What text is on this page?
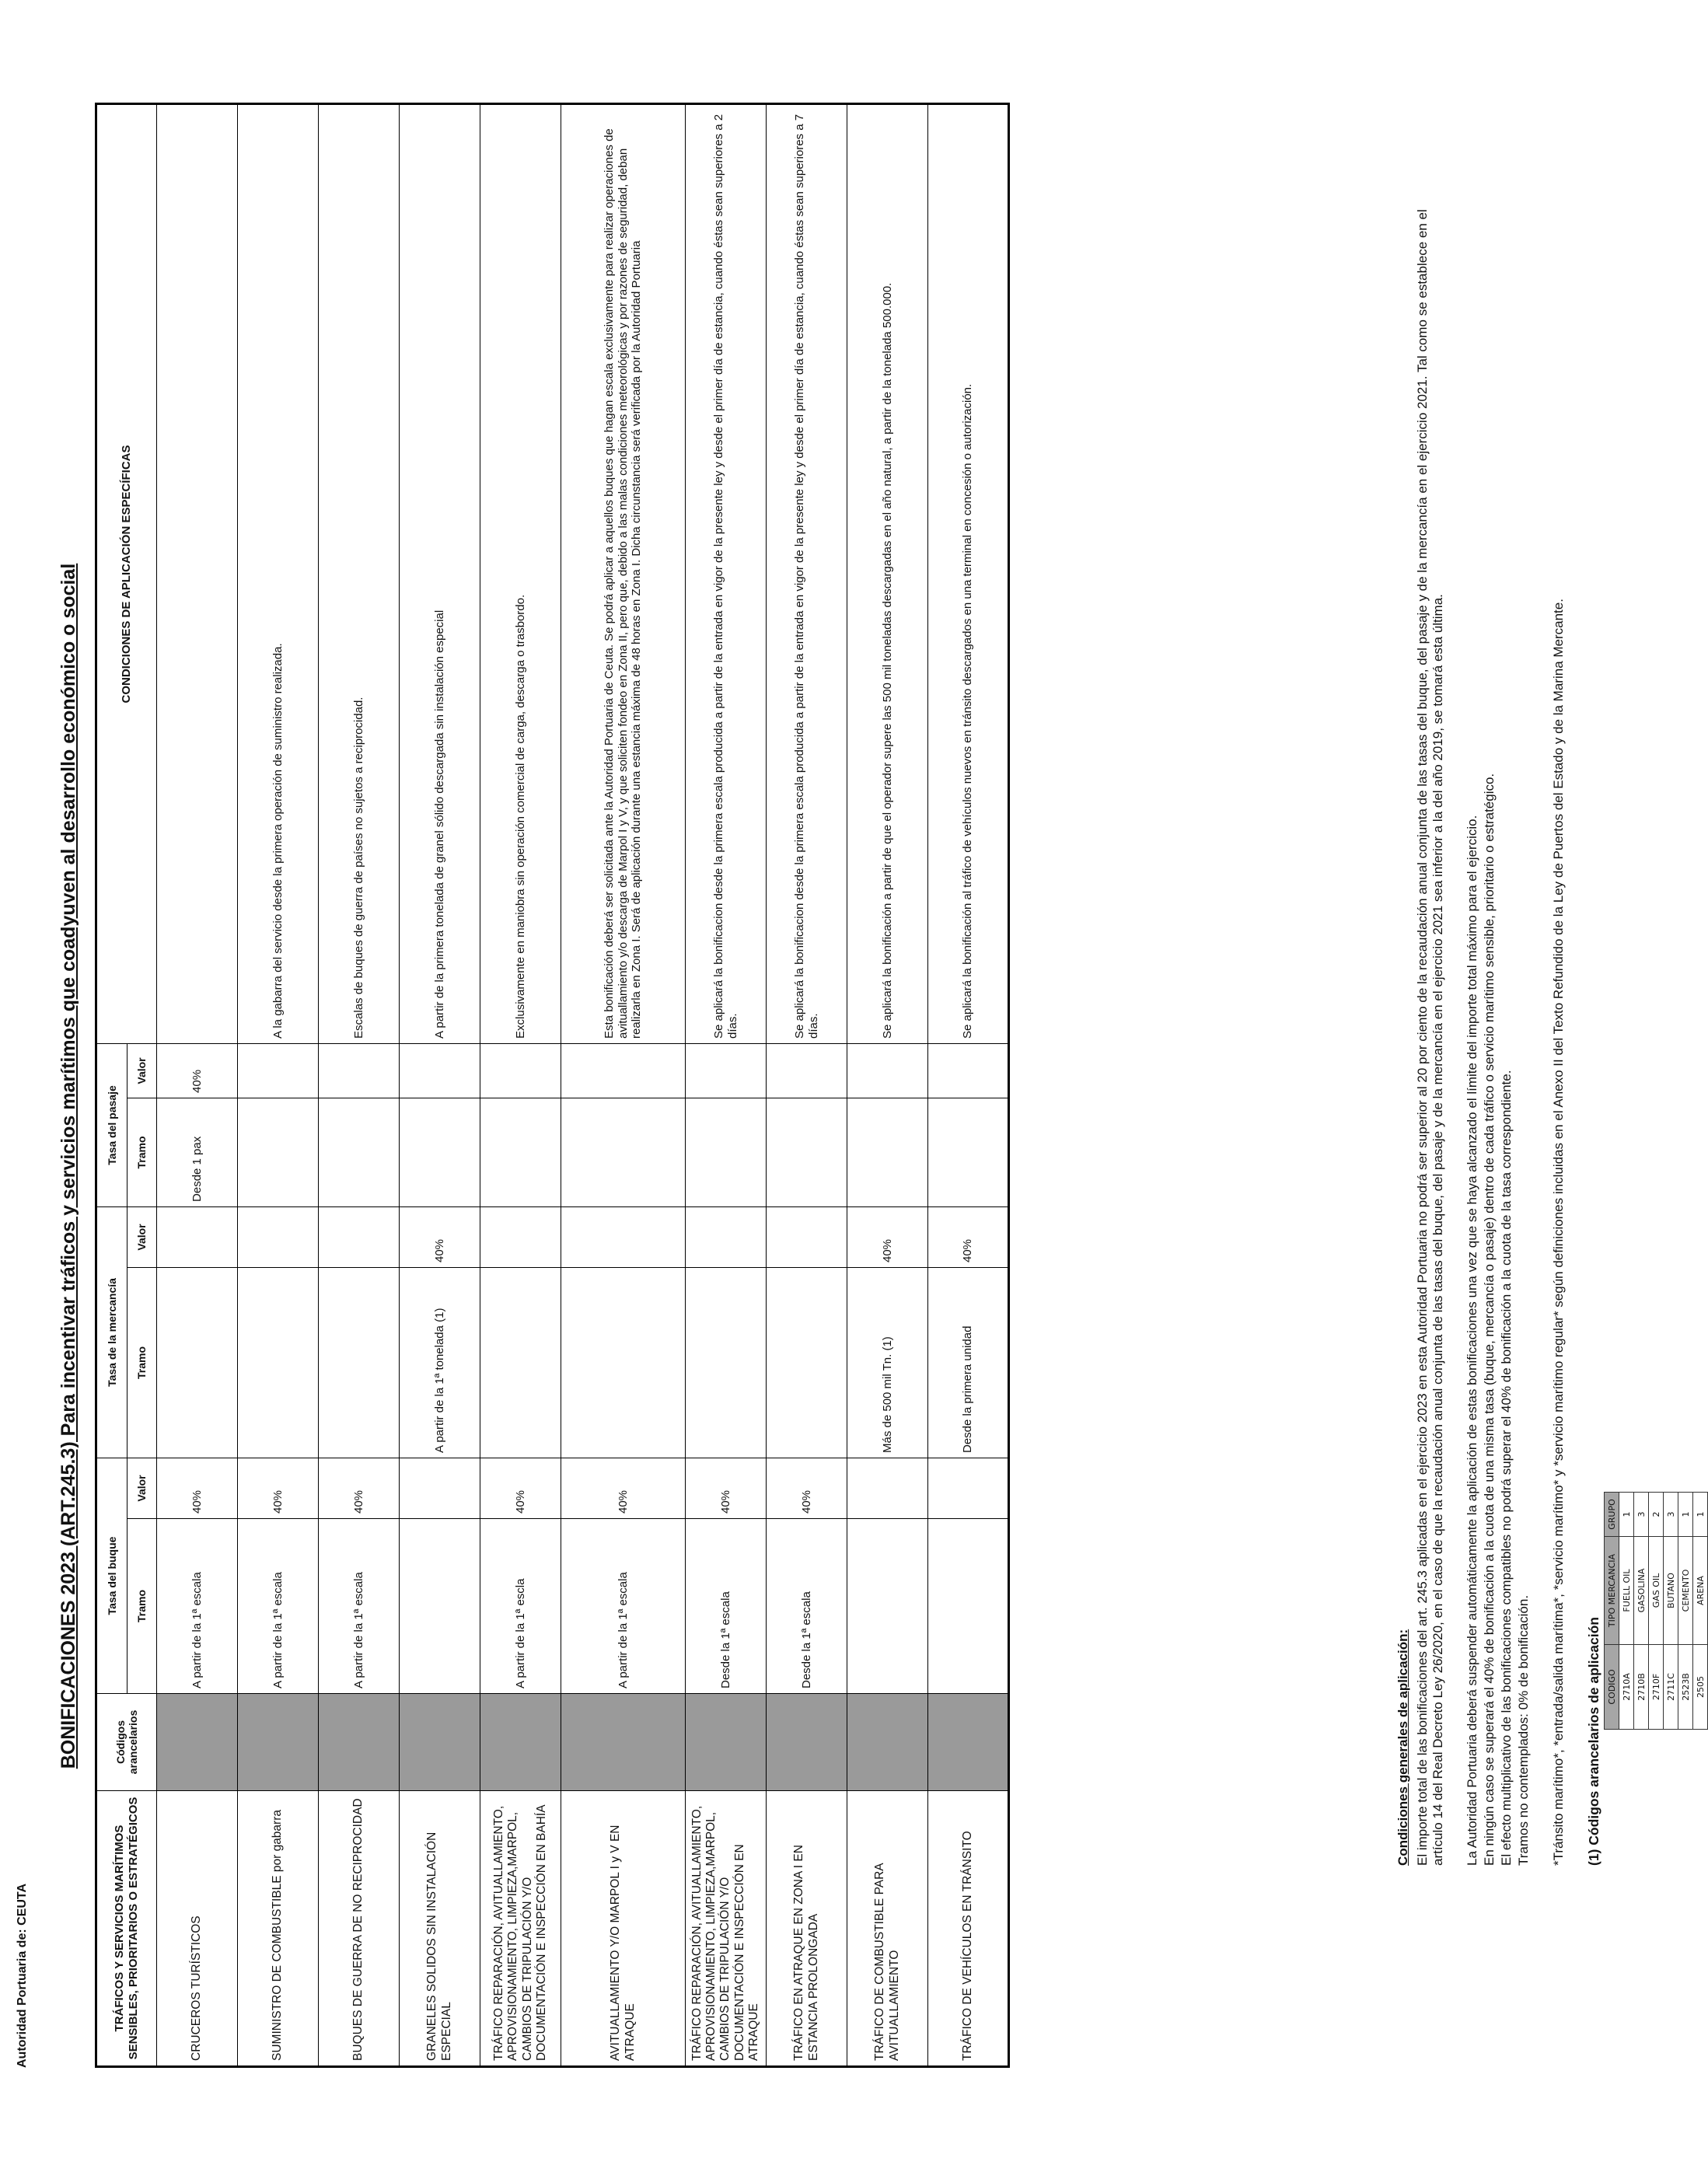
Autoridad Portuaria de: CEUTA
BONIFICACIONES 2023 (ART.245.3) Para incentivar tráficos y servicios marítimos que coadyuven al desarrollo económico o social
TRÁFICOS Y SERVICIOS MARÍTIMOS SENSIBLES, PRIORITARIOS O ESTRATÉGICOS	Códigos arancelarios	Tasa del buque		Tasa de la mercancía		Tasa del pasaje		CONDICIONES DE APLICACIÓN ESPECÍFICAS
		Tramo	Valor	Tramo	Valor	Tramo	Valor	
CRUCEROS TURÍSTICOS		A partir de la 1ª escala	40%			Desde 1 pax	40%	
SUMINISTRO DE COMBUSTIBLE por gabarra		A partir de la 1ª escala	40%					A la gabarra del servicio desde la primera operación de suministro realizada.
BUQUES DE GUERRA DE NO RECIPROCIDAD		A partir de la 1ª escala	40%					Escalas de buques de guerra de países no sujetos a reciprocidad.
GRANELES SOLIDOS SIN INSTALACIÓN ESPECIAL				A partir de la 1ª tonelada (1)	40%			A partir de la primera tonelada de granel sólido descargada sin instalación especial
TRÁFICO REPARACIÓN, AVITUALLAMIENTO, APROVISIONAMIENTO, LIMPIEZA,MARPOL, CAMBIOS DE TRIPULACIÓN Y/O DOCUMENTACIÓN E INSPECCIÓN EN BAHÍA		A partir de la 1ª escla	40%					Exclusivamente en maniobra sin operación comercial de carga, descarga o trasbordo.
AVITUALLAMIENTO Y/O MARPOL I y V EN ATRAQUE		A partir de la 1ª escala	40%					Esta bonificación deberá ser solicitada ante la Autoridad Portuaria de Ceuta. Se podrá aplicar a aquellos buques que hagan escala exclusivamente para realizar operaciones de avituallamiento y/o descarga de Marpol I y V, y que soliciten fondeo en Zona II, pero que, debido a las malas condiciones meteorológicas y por razones de seguridad, deban realizarla en Zona I. Será de aplicación durante una estancia máxima de 48 horas en Zona I. Dicha circunstancia será verificada por la Autoridad Portuaria
TRÁFICO REPARACIÓN, AVITUALLAMIENTO, APROVISIONAMIENTO, LIMPIEZA,MARPOL, CAMBIOS DE TRIPULACIÓN Y/O DOCUMENTACIÓN E INSPECCIÓN EN ATRAQUE		Desde la 1ª escala	40%					Se aplicará la bonificacion desde la primera escala producida a partir de la entrada en vigor de la presente ley y desde el primer día de estancia, cuando éstas sean superiores a 2 días.
TRÁFICO EN ATRAQUE EN ZONA I EN ESTANCIA PROLONGADA		Desde la 1ª escala	40%					Se aplicará la bonificacion desde la primera escala producida a partir de la entrada en vigor de la presente ley y desde el primer día de estancia, cuando éstas sean superiores a 7 días.
TRÁFICO DE COMBUSTIBLE PARA AVITUALLAMIENTO				Más de 500 mil Tn. (1)	40%			Se aplicará la bonificación a partir de que el operador supere las 500 mil toneladas descargadas en el año natural, a partir de la tonelada 500.000.
TRÁFICO DE VEHÍCULOS EN TRÁNSITO				Desde la primera unidad	40%			Se aplicará la bonificación al tráfico de vehículos nuevos en tránsito descargados en una terminal en concesión o autorización.
Condiciones generales de aplicación: El importe total de las bonificaciones del art. 245.3 aplicadas en el ejercicio 2023 en esta Autoridad Portuaria no podrá ser superior al 20 por ciento de la recaudación anual conjunta de las tasas del buque, del pasaje y de la mercancía en el ejercicio 2021. Tal como se establece en el artículo 14 del Real Decreto Ley 26/2020, en el caso de que la recaudación anual conjunta de las tasas del buque, del pasaje y de la mercancía en el ejercicio 2021 sea inferior a la del año 2019, se tomará esta última. La Autoridad Portuaria deberá suspender automáticamente la aplicación de estas bonificaciones una vez que se haya alcanzado el límite del importe total máximo para el ejercicio. En ningún caso se superará el 40% de bonificación a la cuota de una misma tasa (buque, mercancía o pasaje) dentro de cada tráfico o servicio marítimo sensible, prioritario o estratégico. El efecto multiplicativo de las bonificaciones compatibles no podrá superar el 40% de bonificación a la cuota de la tasa correspondiente. Tramos no contemplados: 0% de bonificación. *Tránsito marítimo*, *entrada/salida marítima*, *servicio marítimo* y *servicio marítimo regular* según definiciones incluidas en el Anexo II del Texto Refundido de la Ley de Puertos del Estado y de la Marina Mercante. (1) Códigos arancelarios de aplicación CODIGO	TIPO MERCANCIA	GRUPO
2710A	FUELL OIL	1
2710B	GASOLINA	3
2710F	GAS OIL	2
2711C	BUTANO	3
2523B	CEMENTO	1
2505	ARENA	1
